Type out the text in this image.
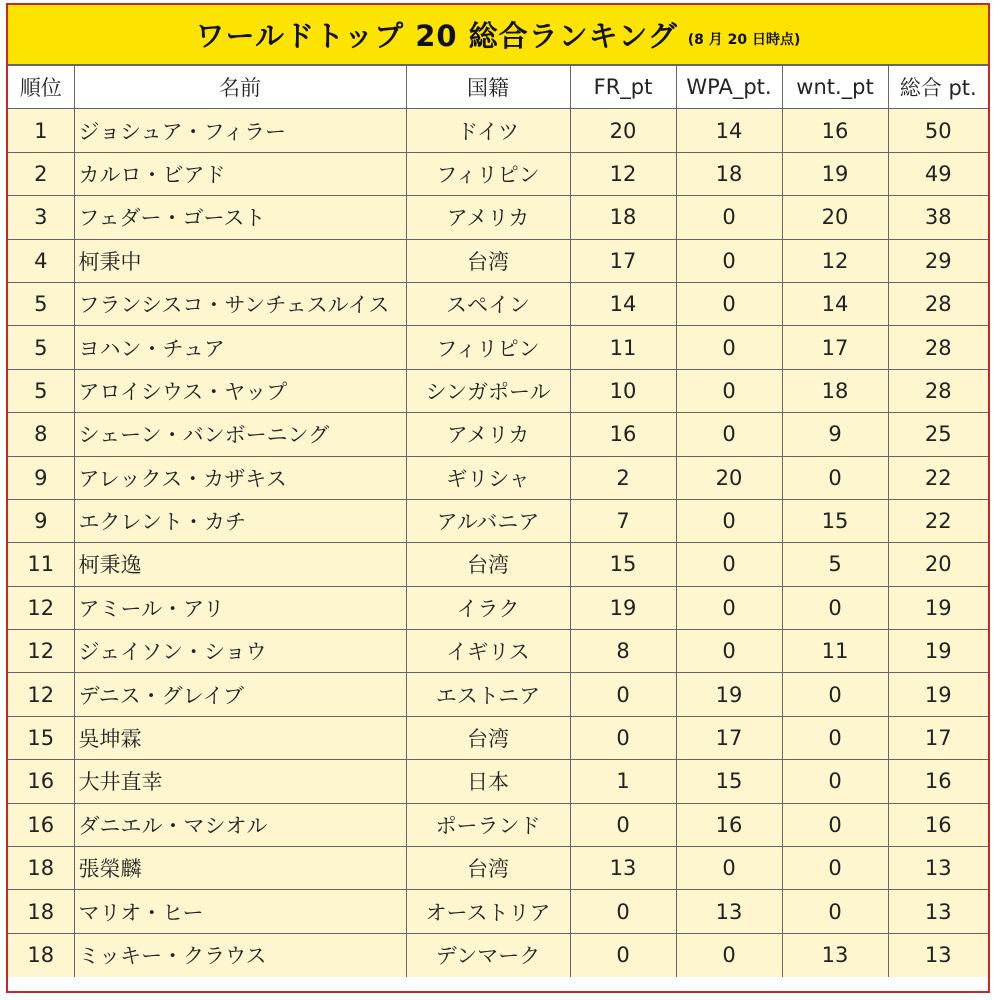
ワールドトップ 20 総合ランキング (8 月 20 日時点)
順位	名前	国籍	FR_pt	WPA_pt.	wnt._pt	総合 pt.
1	ジョシュア・フィラー	ドイツ	20	14	16	50
2	カルロ・ビアド	フィリピン	12	18	19	49
3	フェダー・ゴースト	アメリカ	18	0	20	38
4	柯秉中	台湾	17	0	12	29
5	フランシスコ・サンチェスルイス	スペイン	14	0	14	28
5	ヨハン・チュア	フィリピン	11	0	17	28
5	アロイシウス・ヤップ	シンガポール	10	0	18	28
8	シェーン・バンボーニング	アメリカ	16	0	9	25
9	アレックス・カザキス	ギリシャ	2	20	0	22
9	エクレント・カチ	アルバニア	7	0	15	22
11	柯秉逸	台湾	15	0	5	20
12	アミール・アリ	イラク	19	0	0	19
12	ジェイソン・ショウ	イギリス	8	0	11	19
12	デニス・グレイブ	エストニア	0	19	0	19
15	吳坤霖	台湾	0	17	0	17
16	大井直幸	日本	1	15	0	16
16	ダニエル・マシオル	ポーランド	0	16	0	16
18	張榮麟	台湾	13	0	0	13
18	マリオ・ヒー	オーストリア	0	13	0	13
18	ミッキー・クラウス	デンマーク	0	0	13	13
